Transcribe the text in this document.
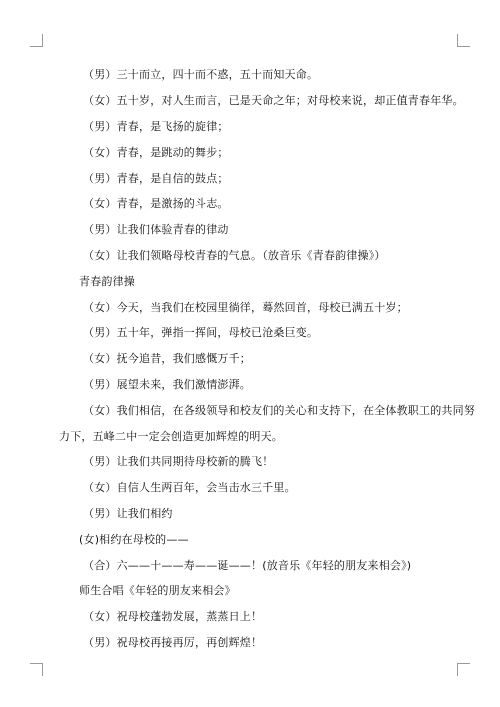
（男）三十而立，四十而不惑，五十而知天命。
（女）五十岁，对人生而言，已是天命之年；对母校来说，却正值青春年华。
（男）青春，是飞扬的旋律；
（女）青春，是跳动的舞步；
（男）青春，是自信的鼓点；
（女）青春，是激扬的斗志。
（男）让我们体验青春的律动
（女）让我们领略母校青春的气息。（放音乐《青春韵律操》）
青春韵律操
（女）今天，当我们在校园里徜徉，蓦然回首，母校已满五十岁；
（男）五十年，弹指一挥间，母校已沧桑巨变。
（女）抚今追昔，我们感慨万千；
（男）展望未来，我们激情澎湃。
（女）我们相信，在各级领导和校友们的关心和支持下，在全体教职工的共同努
力下，五峰二中一定会创造更加辉煌的明天。
（男）让我们共同期待母校新的腾飞！
（女）自信人生两百年，会当击水三千里。
（男）让我们相约
(女)相约在母校的——
（合）六——十——寿——诞——！(放音乐《年轻的朋友来相会》)
师生合唱《年轻的朋友来相会》
（女）祝母校蓬勃发展，蒸蒸日上！
（男）祝母校再接再厉，再创辉煌！
